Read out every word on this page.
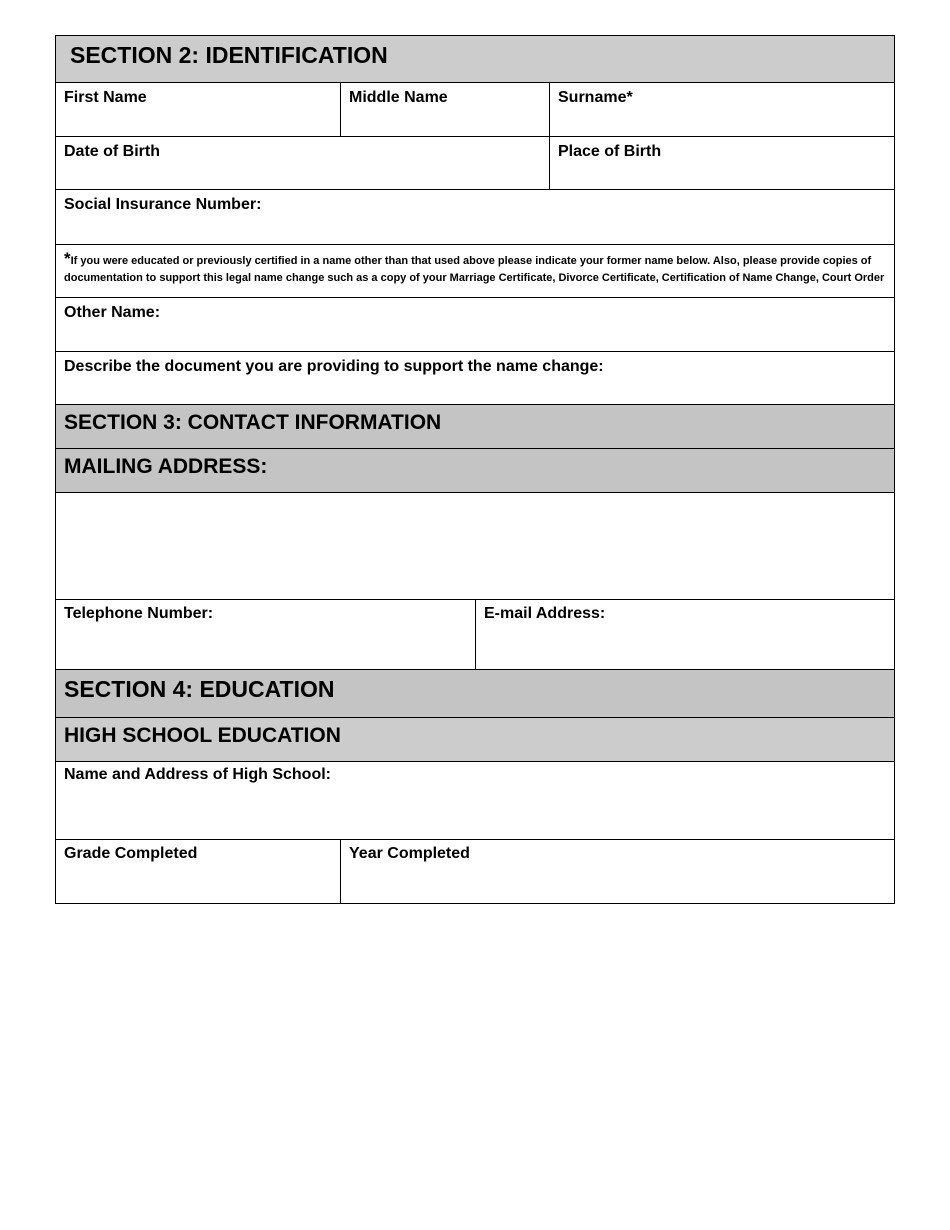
SECTION 2: IDENTIFICATION
First Name	Middle Name	Surname*
Date of Birth	Place of Birth
Social Insurance Number:
*If you were educated or previously certified in a name other than that used above please indicate your former name below. Also, please provide copies of documentation to support this legal name change such as a copy of your Marriage Certificate, Divorce Certificate, Certification of Name Change, Court Order
Other Name:
Describe the document you are providing to support the name change:
SECTION 3: CONTACT INFORMATION
MAILING ADDRESS:
Telephone Number:	E-mail Address:
SECTION 4: EDUCATION
HIGH SCHOOL EDUCATION
Name and Address of High School:
Grade Completed	Year Completed
